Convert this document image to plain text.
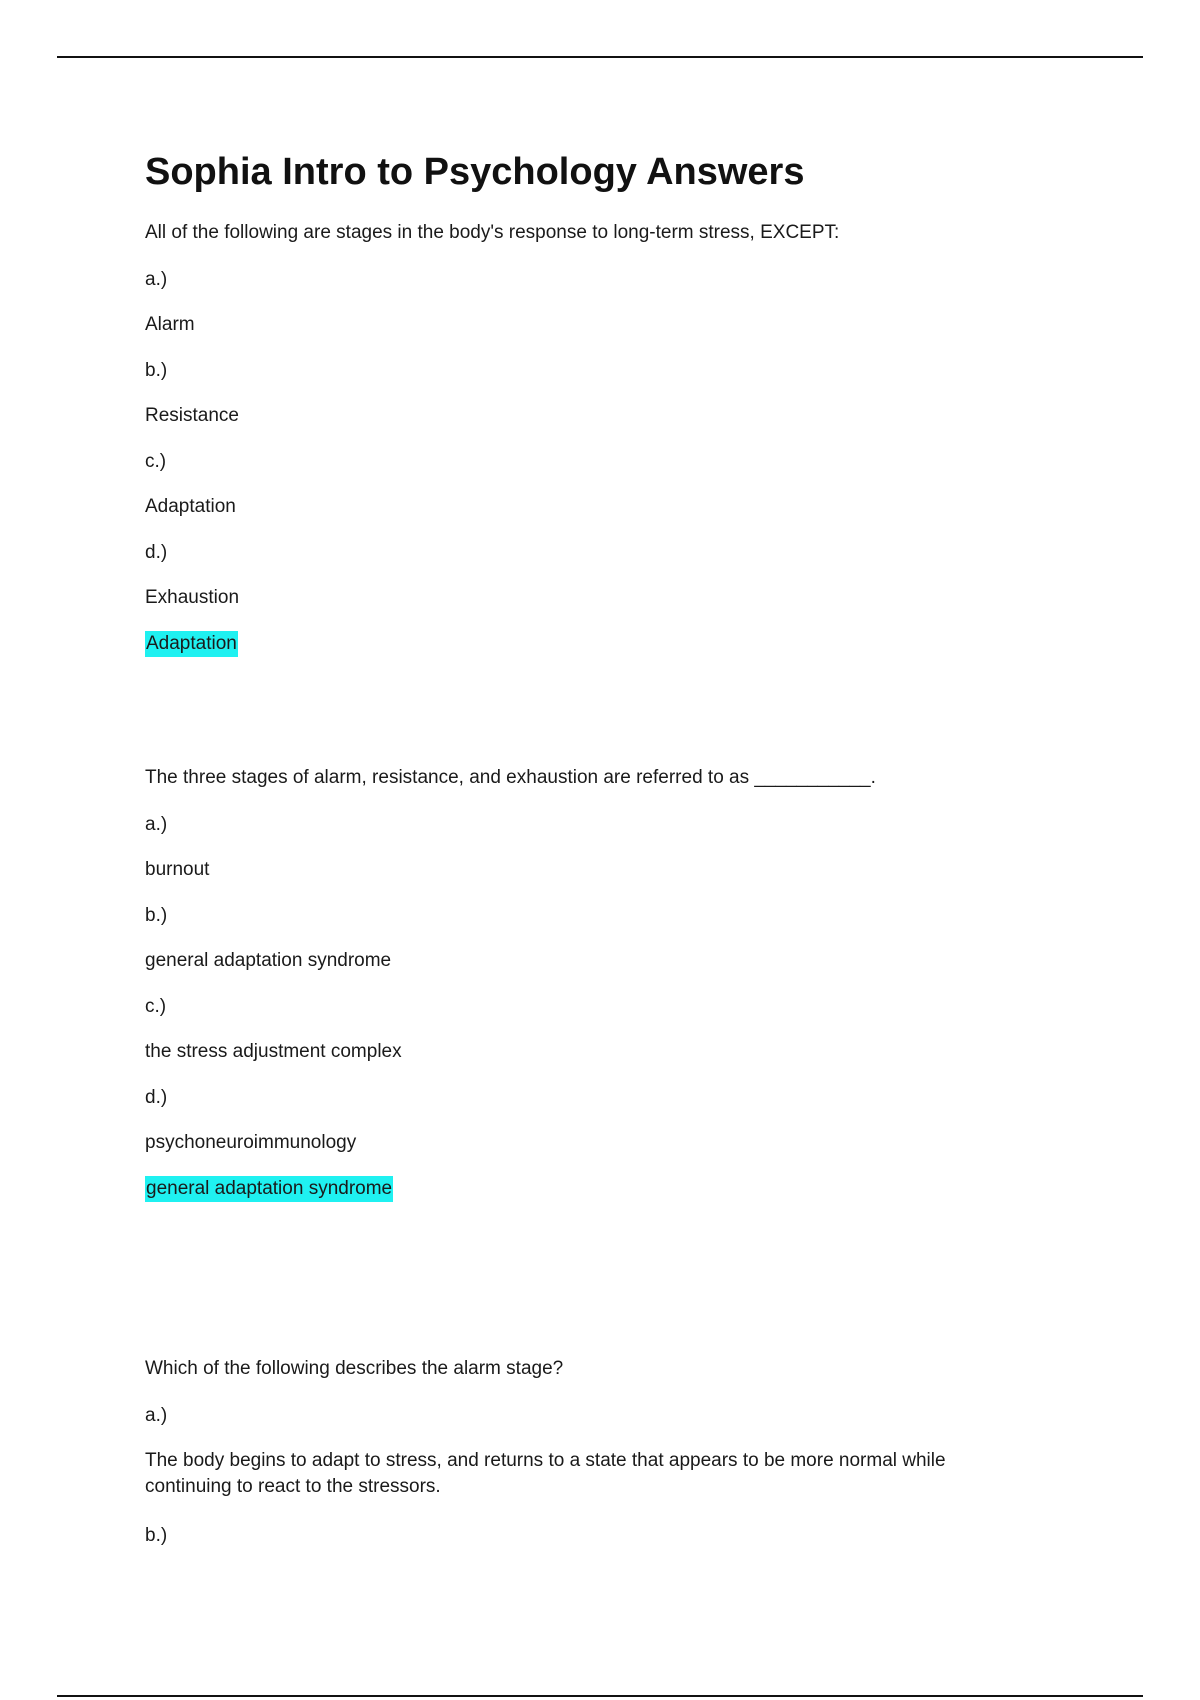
Sophia Intro to Psychology Answers
All of the following are stages in the body's response to long-term stress, EXCEPT:
a.)
Alarm
b.)
Resistance
c.)
Adaptation
d.)
Exhaustion
Adaptation
The three stages of alarm, resistance, and exhaustion are referred to as ___________.
a.)
burnout
b.)
general adaptation syndrome
c.)
the stress adjustment complex
d.)
psychoneuroimmunology
general adaptation syndrome
Which of the following describes the alarm stage?
a.)
The body begins to adapt to stress, and returns to a state that appears to be more normal while continuing to react to the stressors.
b.)
